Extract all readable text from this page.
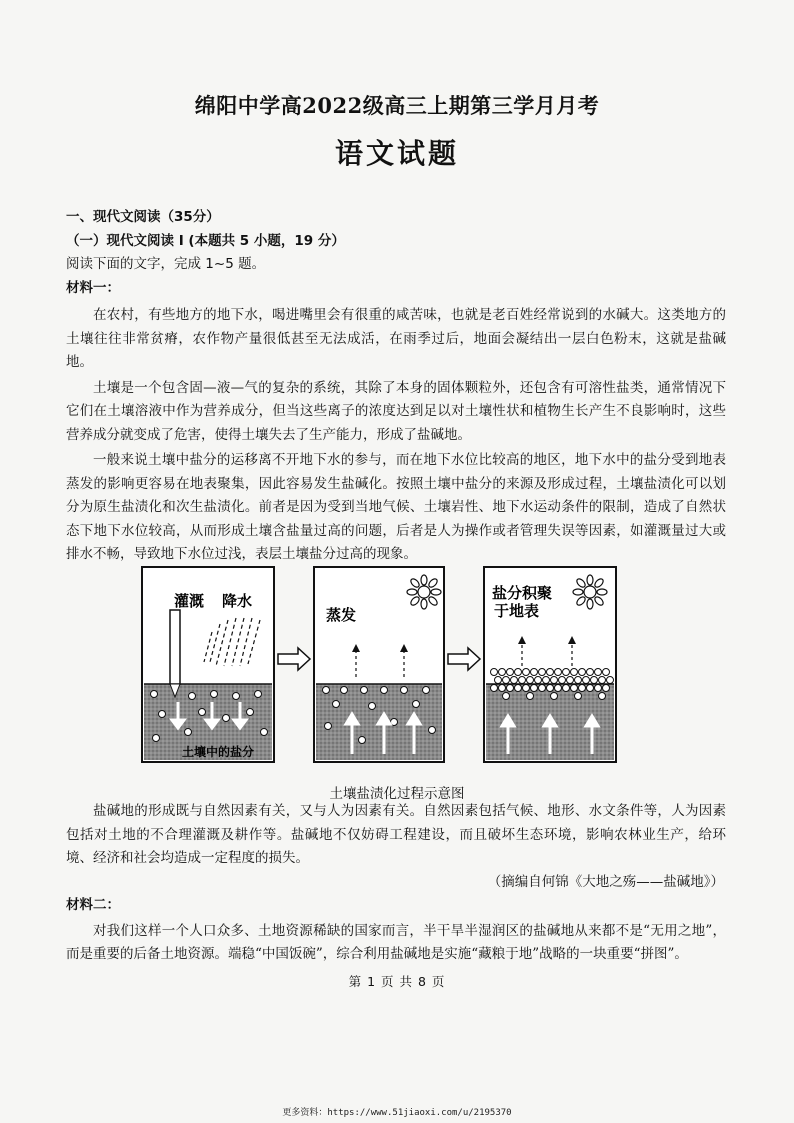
绵阳中学高2022级高三上期第三学月月考
语文试题

一、现代文阅读（35分）

（一）现代文阅读 I (本题共 5 小题，19 分）

阅读下面的文字，完成 1~5 题。

材料一：

在农村，有些地方的地下水，喝进嘴里会有很重的咸苦味，也就是老百姓经常说到的水碱大。这类地方的土壤往往非常贫瘠，农作物产量很低甚至无法成活，在雨季过后，地面会凝结出一层白色粉末，这就是盐碱地。

土壤是一个包含固—液—气的复杂的系统，其除了本身的固体颗粒外，还包含有可溶性盐类，通常情况下它们在土壤溶液中作为营养成分，但当这些离子的浓度达到足以对土壤性状和植物生长产生不良影响时，这些营养成分就变成了危害，使得土壤失去了生产能力，形成了盐碱地。

一般来说土壤中盐分的运移离不开地下水的参与，而在地下水位比较高的地区，地下水中的盐分受到地表蒸发的影响更容易在地表聚集，因此容易发生盐碱化。按照土壤中盐分的来源及形成过程，土壤盐渍化可以划分为原生盐渍化和次生盐渍化。前者是因为受到当地气候、土壤岩性、地下水运动条件的限制，造成了自然状态下地下水位较高，从而形成土壤含盐量过高的问题，后者是人为操作或者管理失误等因素，如灌溉量过大或排水不畅，导致地下水位过浅，表层土壤盐分过高的现象。

灌溉 降水
土壤中的盐分
蒸发
盐分积聚
于地表
土壤盐渍化过程示意图

盐碱地的形成既与自然因素有关，又与人为因素有关。自然因素包括气候、地形、水文条件等，人为因素包括对土地的不合理灌溉及耕作等。盐碱地不仅妨碍工程建设，而且破坏生态环境，影响农林业生产，给环境、经济和社会均造成一定程度的损失。

（摘编自何锦《大地之殇——盐碱地》）

材料二：

对我们这样一个人口众多、土地资源稀缺的国家而言，半干旱半湿润区的盐碱地从来都不是“无用之地”，而是重要的后备土地资源。端稳“中国饭碗”，综合利用盐碱地是实施“藏粮于地”战略的一块重要“拼图”。

第 1 页 共 8 页
更多资料：https://www.51jiaoxi.com/u/2195370
